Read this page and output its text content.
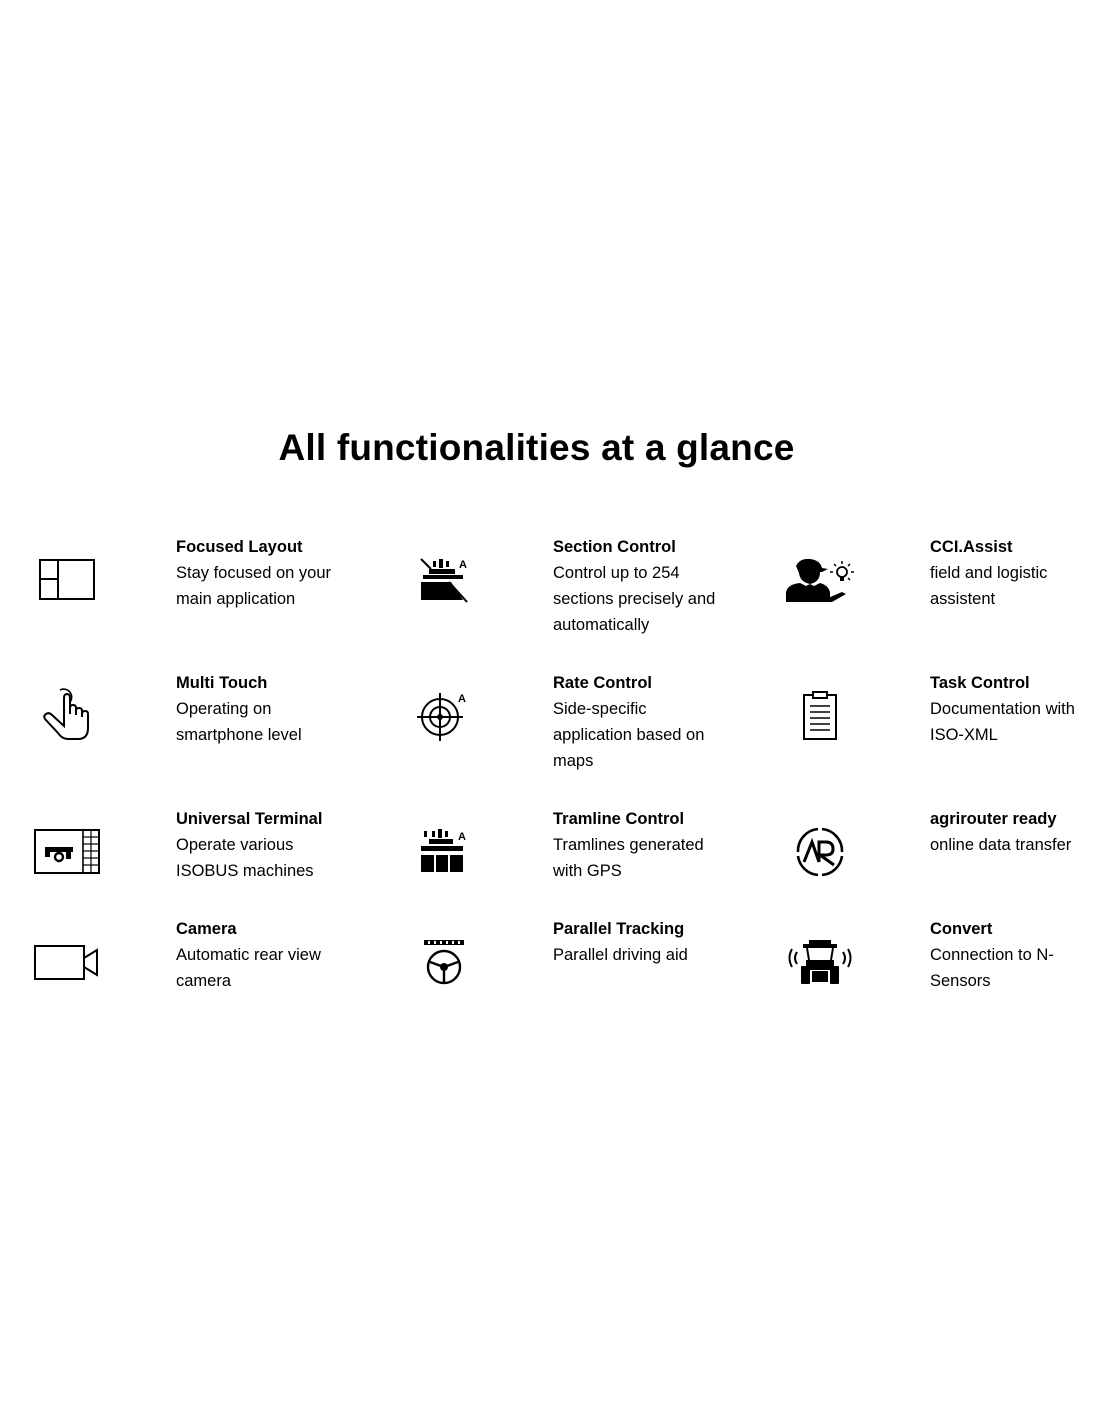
All functionalities at a glance
Focused Layout
Stay focused on your main application
A
Section Control
Control up to 254 sections precisely and automatically
CCI.Assist
field and logistic assistent
Multi Touch
Operating on smartphone level
A
Rate Control
Side-specific application based on maps
Task Control
Documentation with ISO-XML
Universal Terminal
Operate various ISOBUS machines
A
Tramline Control
Tramlines generated with GPS
agrirouter ready
online data transfer
Camera
Automatic rear view camera
Parallel Tracking
Parallel driving aid
Convert
Connection to N-Sensors
